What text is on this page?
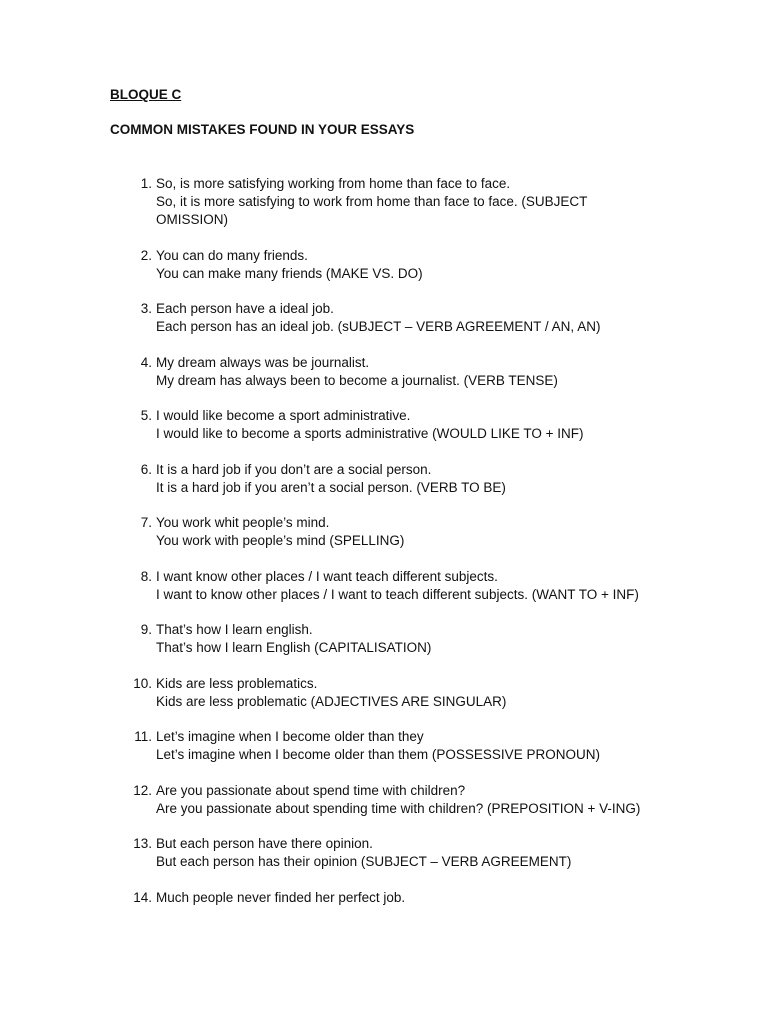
BLOQUE C

COMMON MISTAKES FOUND IN YOUR ESSAYS

1. So, is more satisfying working from home than face to face.
So, it is more satisfying to work from home than face to face. (SUBJECT OMISSION)
2. You can do many friends.
You can make many friends (MAKE VS. DO)
3. Each person have a ideal job.
Each person has an ideal job. (sUBJECT – VERB AGREEMENT / AN, AN)
4. My dream always was be journalist.
My dream has always been to become a journalist. (VERB TENSE)
5. I would like become a sport administrative.
I would like to become a sports administrative (WOULD LIKE TO + INF)
6. It is a hard job if you don’t are a social person.
It is a hard job if you aren’t a social person. (VERB TO BE)
7. You work whit people’s mind.
You work with people’s mind (SPELLING)
8. I want know other places / I want teach different subjects.
I want to know other places / I want to teach different subjects. (WANT TO + INF)
9. That’s how I learn english.
That’s how I learn English (CAPITALISATION)
10. Kids are less problematics.
Kids are less problematic (ADJECTIVES ARE SINGULAR)
11. Let’s imagine when I become older than they
Let’s imagine when I become older than them (POSSESSIVE PRONOUN)
12. Are you passionate about spend time with children?
Are you passionate about spending time with children? (PREPOSITION + V-ING)
13. But each person have there opinion.
But each person has their opinion (SUBJECT – VERB AGREEMENT)
14. Much people never finded her perfect job.
